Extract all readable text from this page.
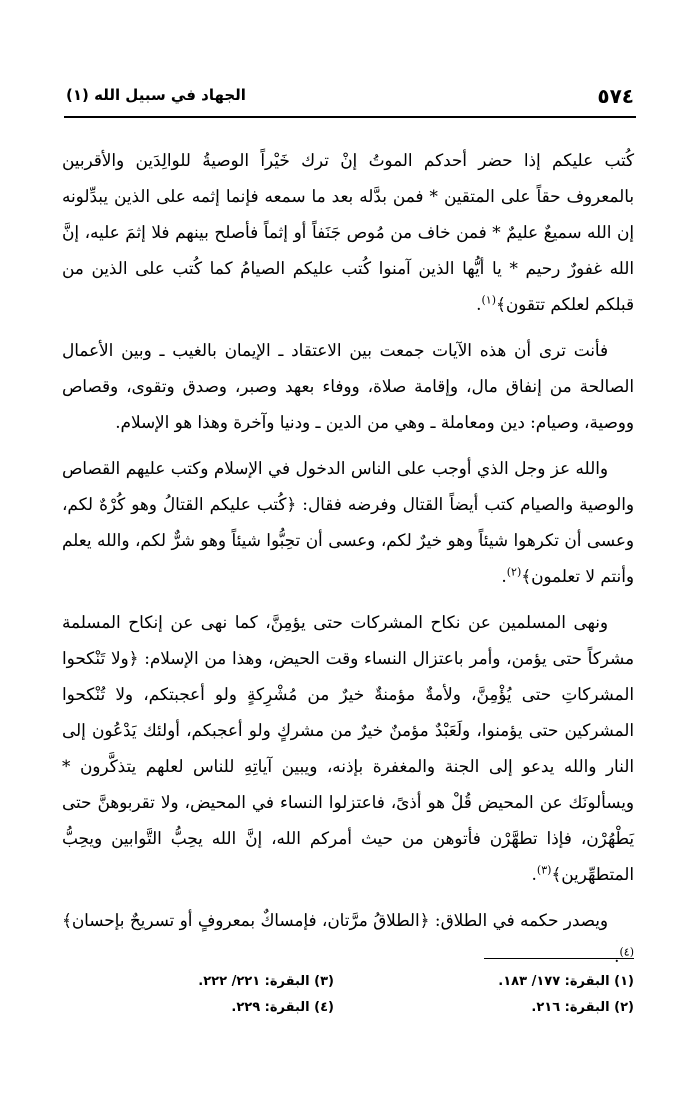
٥٧٤
الجهاد في سبيل الله (١)

كُتب عليكم إذا حضر أحدكم الموتُ إنْ ترك خَيْراً الوصيةُ للوالِدَين والأقربين بالمعروف حقاً على المتقين * فمن بدَّله بعد ما سمعه فإنما إثمه على الذين يبدِّلونه إن الله سميعٌ عليمٌ * فمن خاف من مُوص جَنَفاً أو إثماً فأصلح بينهم فلا إثمَ عليه، إنَّ الله غفورٌ رحيم * يا أيُّها الذين آمنوا كُتب عليكم الصيامُ كما كُتب على الذين من قبلكم لعلكم تتقون﴾$^{(١)}$.

فأنت ترى أن هذه الآيات جمعت بين الاعتقاد ـ الإيمان بالغيب ـ وبين الأعمال الصالحة من إنفاق مال، وإقامة صلاة، ووفاء بعهد وصبر، وصدق وتقوى، وقصاص ووصية، وصيام: دين ومعاملة ـ وهي من الدين ـ ودنيا وآخرة وهذا هو الإسلام.

والله عز وجل الذي أوجب على الناس الدخول في الإسلام وكتب عليهم القصاص والوصية والصيام كتب أيضاً القتال وفرضه فقال: ﴿كُتب عليكم القتالُ وهو كُرْهٌ لكم، وعسى أن تكرهوا شيئاً وهو خيرٌ لكم، وعسى أن تحِبُّوا شيئاً وهو شرٌّ لكم، والله يعلم وأنتم لا تعلمون﴾$^{(٢)}$.

ونهى المسلمين عن نكاح المشركات حتى يؤمِنَّ، كما نهى عن إنكاح المسلمة مشركاً حتى يؤمن، وأمر باعتزال النساء وقت الحيض، وهذا من الإسلام: ﴿ولا تَنْكحوا المشركاتِ حتى يُؤْمِنَّ، ولأمةٌ مؤمنةٌ خيرٌ من مُشْرِكةٍ ولو أعجبتكم، ولا تُنْكحوا المشركين حتى يؤمنوا، ولَعَبْدٌ مؤمنٌ خيرٌ من مشركٍ ولو أعجبكم، أولئك يَدْعُون إلى النار والله يدعو إلى الجنة والمغفرة بإذنه، ويبين آياتِهِ للناس لعلهم يتذكَّرون * ويسألونَك عن المحيض قُلْ هو أذىً، فاعتزلوا النساء في المحيض، ولا تقربوهنَّ حتى يَطْهُرْن، فإذا تطهَّرْن فأتوهن من حيث أمركم الله، إنَّ الله يحِبُّ التَّوابين ويحِبُّ المتطهِّرين﴾$^{(٣)}$.

ويصدر حكمه في الطلاق: ﴿الطلاقُ مرَّتان، فإمساكٌ بمعروفٍ أو تسريحٌ بإحسان﴾$^{(٤)}$.

(١) البقرة: ١٧٧/ ١٨٣.
(٢) البقرة: ٢١٦.
(٣) البقرة: ٢٢١/ ٢٢٢.
(٤) البقرة: ٢٢٩.
